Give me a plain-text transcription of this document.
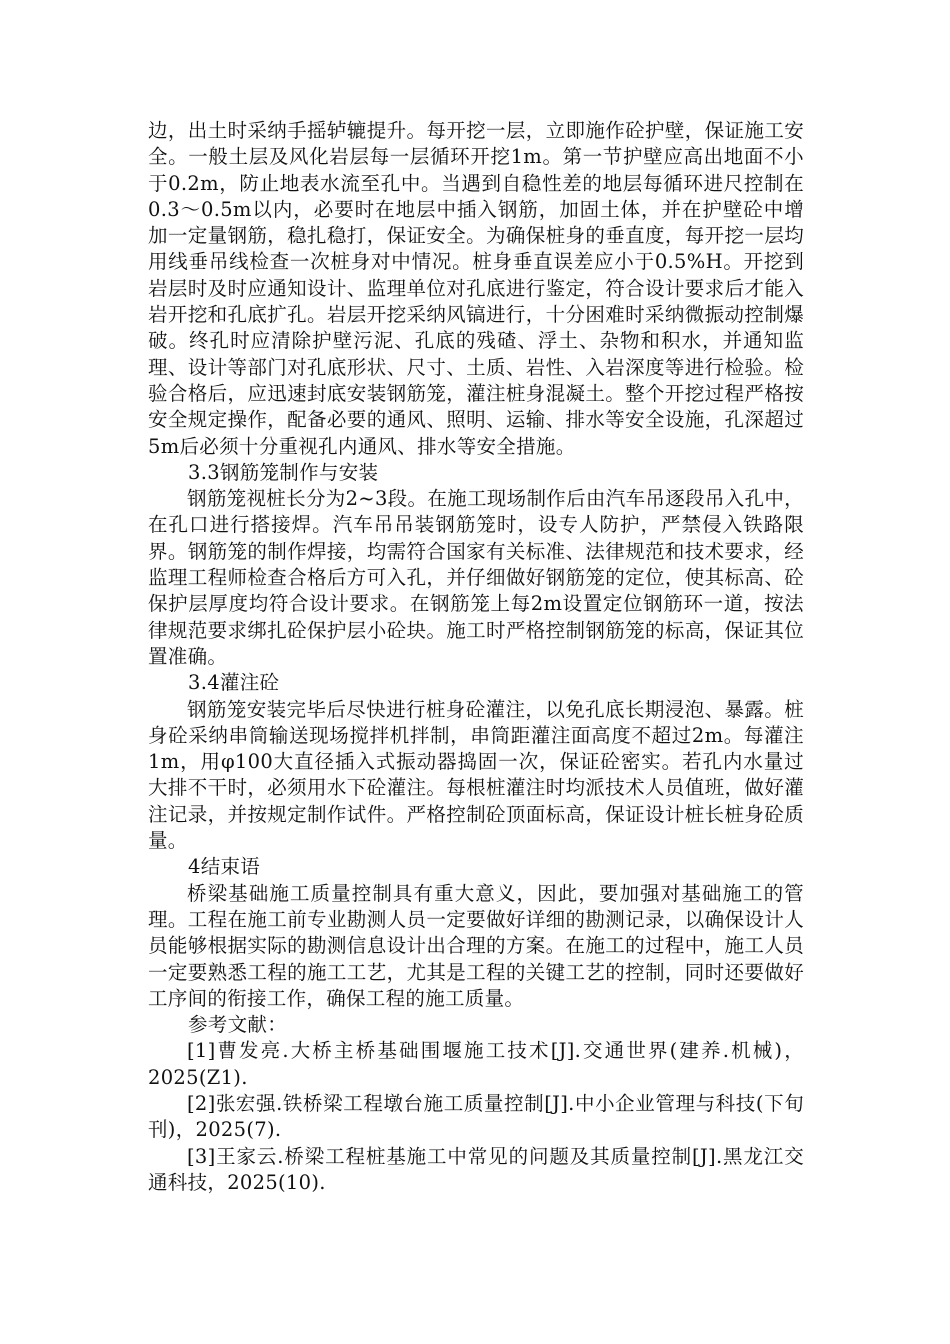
边，出土时采纳手摇轳辘提升。每开挖一层，立即施作砼护壁，保证施工安全。一般土层及风化岩层每一层循环开挖1m。第一节护壁应高出地面不小于0.2m，防止地表水流至孔中。当遇到自稳性差的地层每循环进尺控制在0.3～0.5m以内，必要时在地层中插入钢筋，加固土体，并在护壁砼中增加一定量钢筋，稳扎稳打，保证安全。为确保桩身的垂直度，每开挖一层均用线垂吊线检查一次桩身对中情况。桩身垂直误差应小于0.5%H。开挖到岩层时及时应通知设计、监理单位对孔底进行鉴定，符合设计要求后才能入岩开挖和孔底扩孔。岩层开挖采纳风镐进行，十分困难时采纳微振动控制爆破。终孔时应清除护壁污泥、孔底的残碴、浮土、杂物和积水，并通知监理、设计等部门对孔底形状、尺寸、土质、岩性、入岩深度等进行检验。检验合格后，应迅速封底安装钢筋笼，灌注桩身混凝土。整个开挖过程严格按安全规定操作，配备必要的通风、照明、运输、排水等安全设施，孔深超过5m后必须十分重视孔内通风、排水等安全措施。

3.3钢筋笼制作与安装

钢筋笼视桩长分为2~3段。在施工现场制作后由汽车吊逐段吊入孔中，在孔口进行搭接焊。汽车吊吊装钢筋笼时，设专人防护，严禁侵入铁路限界。钢筋笼的制作焊接，均需符合国家有关标准、法律规范和技术要求，经监理工程师检查合格后方可入孔，并仔细做好钢筋笼的定位，使其标高、砼保护层厚度均符合设计要求。在钢筋笼上每2m设置定位钢筋环一道，按法律规范要求绑扎砼保护层小砼块。施工时严格控制钢筋笼的标高，保证其位置准确。

3.4灌注砼

钢筋笼安装完毕后尽快进行桩身砼灌注，以免孔底长期浸泡、暴露。桩身砼采纳串筒输送现场搅拌机拌制，串筒距灌注面高度不超过2m。每灌注1m，用φ100大直径插入式振动器捣固一次，保证砼密实。若孔内水量过大排不干时，必须用水下砼灌注。每根桩灌注时均派技术人员值班，做好灌注记录，并按规定制作试件。严格控制砼顶面标高，保证设计桩长桩身砼质量。

4结束语

桥梁基础施工质量控制具有重大意义，因此，要加强对基础施工的管理。工程在施工前专业勘测人员一定要做好详细的勘测记录，以确保设计人员能够根据实际的勘测信息设计出合理的方案。在施工的过程中，施工人员一定要熟悉工程的施工工艺，尤其是工程的关键工艺的控制，同时还要做好工序间的衔接工作，确保工程的施工质量。

参考文献：

[1]曹发亮.大桥主桥基础围堰施工技术[J].交通世界(建养.机械)，2025(Z1).

[2]张宏强.铁桥梁工程墩台施工质量控制[J].中小企业管理与科技(下旬刊)，2025(7).

[3]王家云.桥梁工程桩基施工中常见的问题及其质量控制[J].黑龙江交通科技，2025(10).
